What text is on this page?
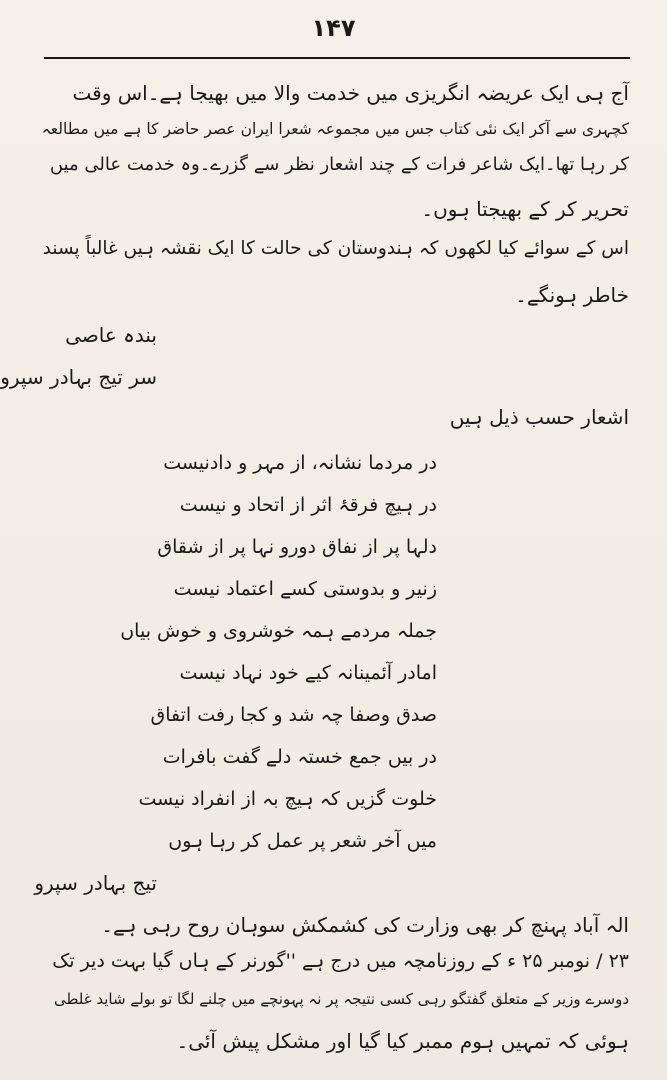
۱۴۷
آج ہی ایک عریضہ انگریزی میں خدمت والا میں بھیجا ہے۔اس وقت
کچہری سے آکر ایک نئی کتاب جس میں مجموعہ شعرا ایران عصر حاضر کا ہے میں مطالعہ
کر رہا تھا۔ایک شاعر فرات کے چند اشعار نظر سے گزرے۔وہ خدمت عالی میں
تحریر کر کے بھیجتا ہوں۔
اس کے سوائے کیا لکھوں کہ ہندوستان کی حالت کا ایک نقشہ ہیں غالباً پسند
خاطر ہونگے۔
بندہ عاصی
سر تیج بہادر سپرو
اشعار حسب ذیل ہیں
در مردما نشانہ، از مہر و دادنیست
در ہیچ فرقۂ اثر از اتحاد و نیست
دلہا پر از نفاق دورو نہا پر از شقاق
زنیر و بدوستی کسے اعتماد نیست
جملہ مردمے ہمہ خوشروی و خوش بیاں
امادر آئمینانہ کیے خود نہاد نیست
صدق وصفا چہ شد و کجا رفت اتفاق
در بیں جمع خستہ دلے گفت بافرات
خلوت گزیں کہ ہیچ بہ از انفراد نیست
میں آخر شعر پر عمل کر رہا ہوں
تیج بہادر سپرو
الہ آباد پہنچ کر بھی وزارت کی کشمکش سوہان روح رہی ہے۔
۲۳ / نومبر ۲۵ ء کے روزنامچہ میں درج ہے ''گورنر کے ہاں گیا بہت دیر تک
دوسرے وزیر کے متعلق گفتگو رہی کسی نتیجہ پر نہ پہونچے میں چلنے لگا تو بولے شاید غلطی
ہوئی کہ تمہیں ہوم ممبر کیا گیا اور مشکل پیش آئی۔
